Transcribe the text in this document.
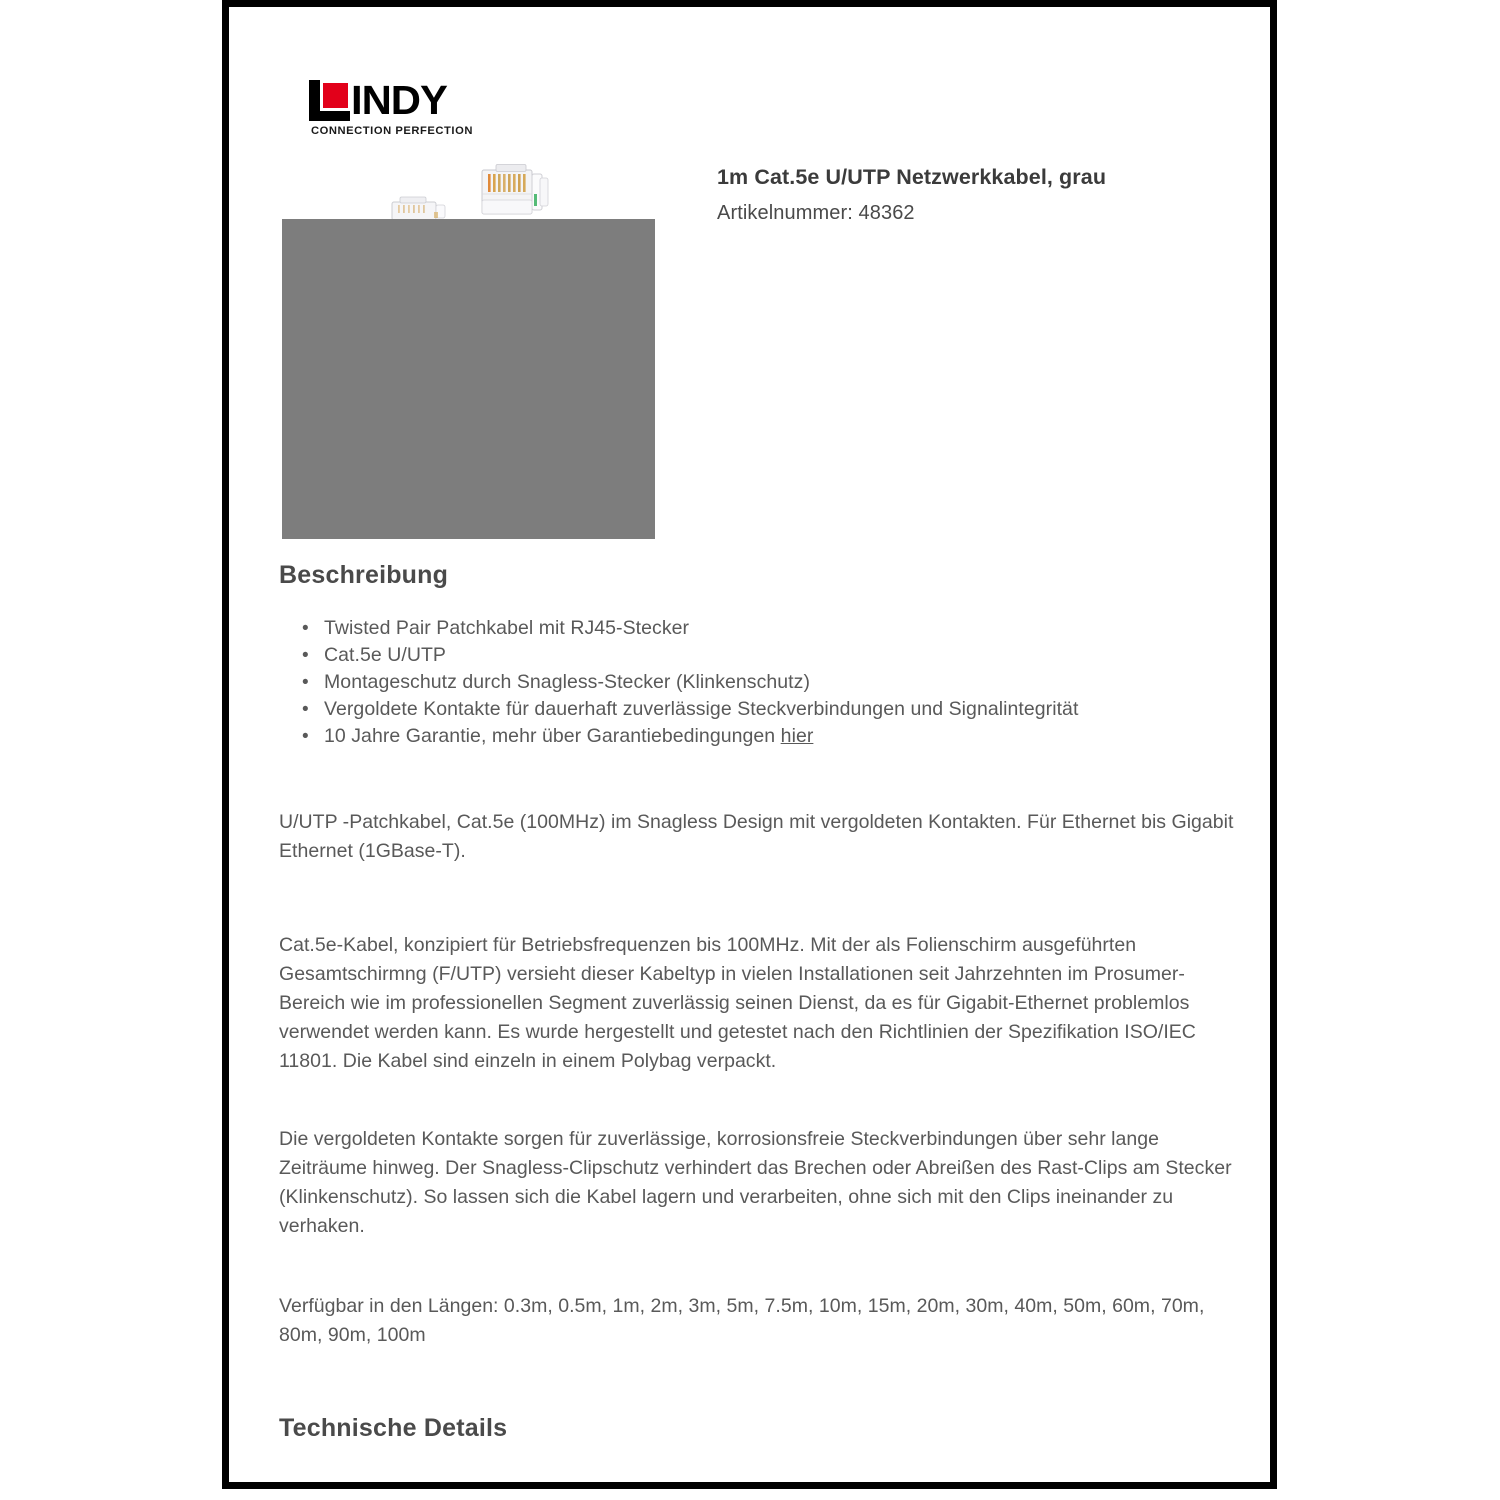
INDY
CONNECTION PERFECTION
1m Cat.5e U/UTP Netzwerkkabel, grau

Artikelnummer: 48362

Beschreibung
• Twisted Pair Patchkabel mit RJ45-Stecker
• Cat.5e U/UTP
• Montageschutz durch Snagless-Stecker (Klinkenschutz)
• Vergoldete Kontakte für dauerhaft zuverlässige Steckverbindungen und Signalintegrität
• 10 Jahre Garantie, mehr über Garantiebedingungen hier

U/UTP -Patchkabel, Cat.5e (100MHz) im Snagless Design mit vergoldeten Kontakten. Für Ethernet bis Gigabit Ethernet (1GBase-T).

Cat.5e-Kabel, konzipiert für Betriebsfrequenzen bis 100MHz. Mit der als Folienschirm ausgeführten Gesamtschirmng (F/UTP) versieht dieser Kabeltyp in vielen Installationen seit Jahrzehnten im Prosumer-Bereich wie im professionellen Segment zuverlässig seinen Dienst, da es für Gigabit-Ethernet problemlos verwendet werden kann. Es wurde hergestellt und getestet nach den Richtlinien der Spezifikation ISO/IEC 11801. Die Kabel sind einzeln in einem Polybag verpackt.

Die vergoldeten Kontakte sorgen für zuverlässige, korrosionsfreie Steckverbindungen über sehr lange Zeiträume hinweg. Der Snagless-Clipschutz verhindert das Brechen oder Abreißen des Rast-Clips am Stecker (Klinkenschutz). So lassen sich die Kabel lagern und verarbeiten, ohne sich mit den Clips ineinander zu verhaken.

Verfügbar in den Längen: 0.3m, 0.5m, 1m, 2m, 3m, 5m, 7.5m, 10m, 15m, 20m, 30m, 40m, 50m, 60m, 70m, 80m, 90m, 100m

Technische Details
